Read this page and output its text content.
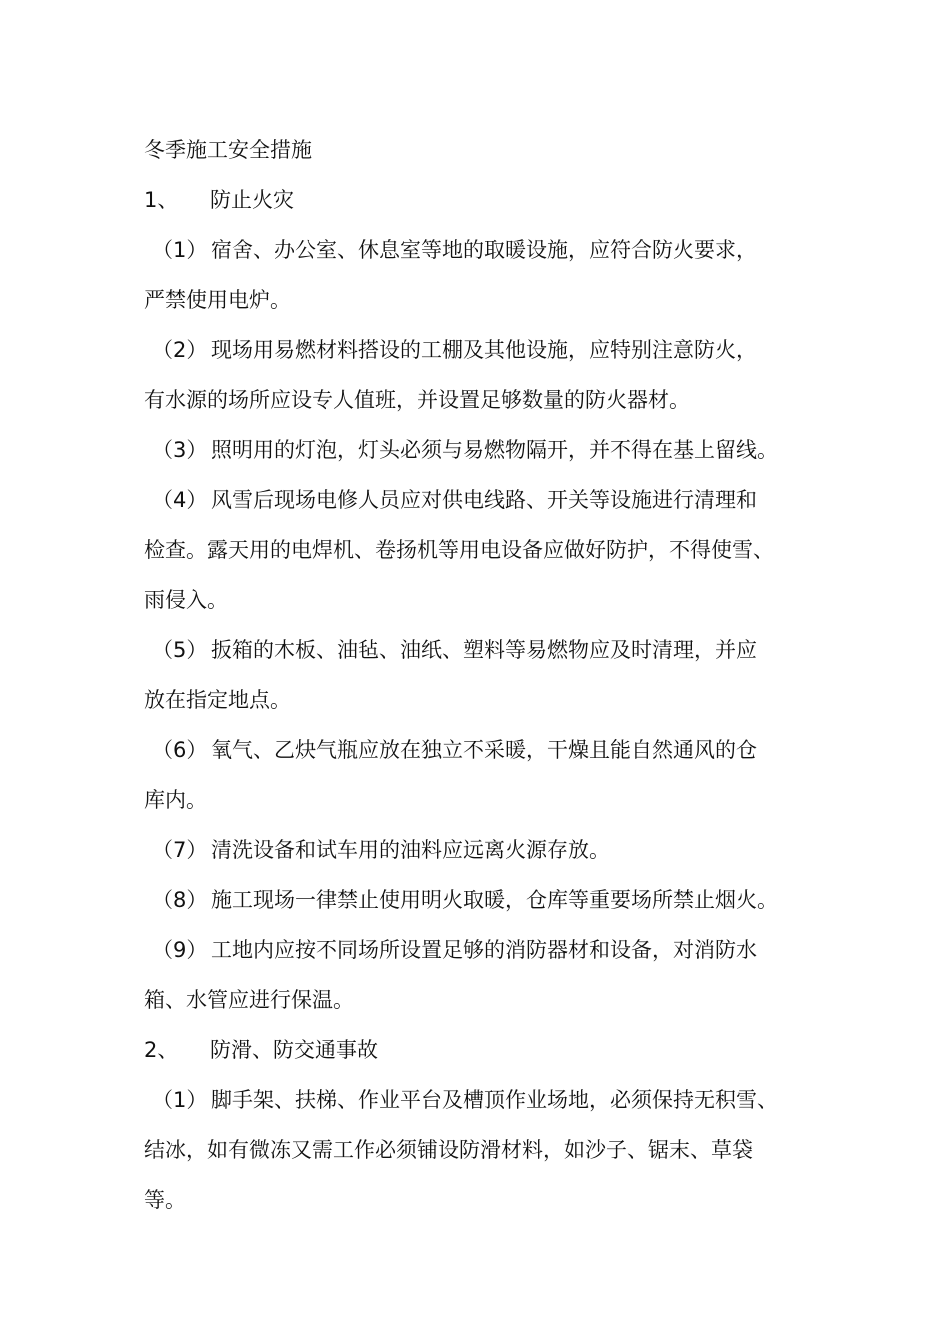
冬季施工安全措施
1、 防止火灾
（1） 宿舍、办公室、休息室等地的取暖设施，应符合防火要求，
严禁使用电炉。
（2） 现场用易燃材料搭设的工棚及其他设施，应特别注意防火，
有水源的场所应设专人值班，并设置足够数量的防火器材。
（3） 照明用的灯泡，灯头必须与易燃物隔开，并不得在基上留线。
（4） 风雪后现场电修人员应对供电线路、开关等设施进行清理和
检查。露天用的电焊机、卷扬机等用电设备应做好防护，不得使雪、
雨侵入。
（5） 扳箱的木板、油毡、油纸、塑料等易燃物应及时清理，并应
放在指定地点。
（6） 氧气、乙炔气瓶应放在独立不采暖，干燥且能自然通风的仓
库内。
（7） 清洗设备和试车用的油料应远离火源存放。
（8） 施工现场一律禁止使用明火取暖，仓库等重要场所禁止烟火。
（9） 工地内应按不同场所设置足够的消防器材和设备，对消防水
箱、水管应进行保温。
2、 防滑、防交通事故
（1） 脚手架、扶梯、作业平台及槽顶作业场地，必须保持无积雪、
结冰，如有微冻又需工作必须铺设防滑材料，如沙子、锯末、草袋
等。
